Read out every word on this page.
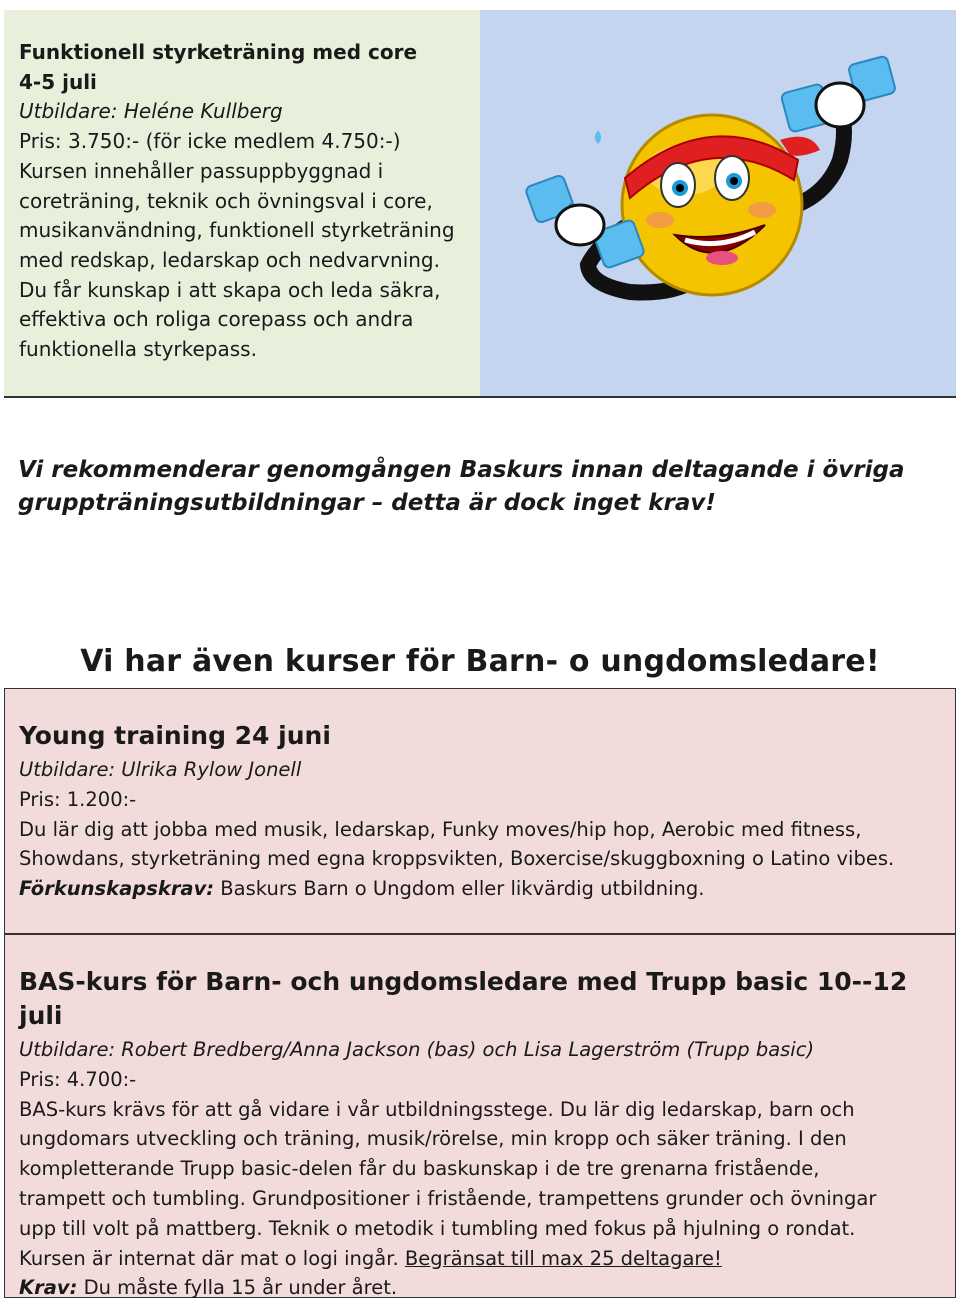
Funktionell styrketräning med core
4-5 juli
Utbildare: Heléne Kullberg
Pris: 3.750:- (för icke medlem 4.750:-)
Kursen innehåller passuppbyggnad i
coreträning, teknik och övningsval i core,
musikanvändning, funktionell styrketräning
med redskap, ledarskap och nedvarvning.
Du får kunskap i att skapa och leda säkra,
effektiva och roliga corepass och andra
funktionella styrkepass.
Vi rekommenderar genomgången Baskurs innan deltagande i övriga
gruppträningsutbildningar – detta är dock inget krav!
Vi har även kurser för Barn- o ungdomsledare!
Young training 24 juni
Utbildare: Ulrika Rylow Jonell
Pris: 1.200:-
Du lär dig att jobba med musik, ledarskap, Funky moves/hip hop, Aerobic med fitness,
Showdans, styrketräning med egna kroppsvikten, Boxercise/skuggboxning o Latino vibes.
Förkunskapskrav: Baskurs Barn o Ungdom eller likvärdig utbildning.
BAS-kurs för Barn- och ungdomsledare med Trupp basic 10--12 juli
Utbildare: Robert Bredberg/Anna Jackson (bas) och Lisa Lagerström (Trupp basic)
Pris: 4.700:-
BAS-kurs krävs för att gå vidare i vår utbildningsstege. Du lär dig ledarskap, barn och
ungdomars utveckling och träning, musik/rörelse, min kropp och säker träning. I den
kompletterande Trupp basic-delen får du baskunskap i de tre grenarna fristående,
trampett och tumbling. Grundpositioner i fristående, trampettens grunder och övningar
upp till volt på mattberg. Teknik o metodik i tumbling med fokus på hjulning o rondat.
Kursen är internat där mat o logi ingår. Begränsat till max 25 deltagare!
Krav: Du måste fylla 15 år under året.
